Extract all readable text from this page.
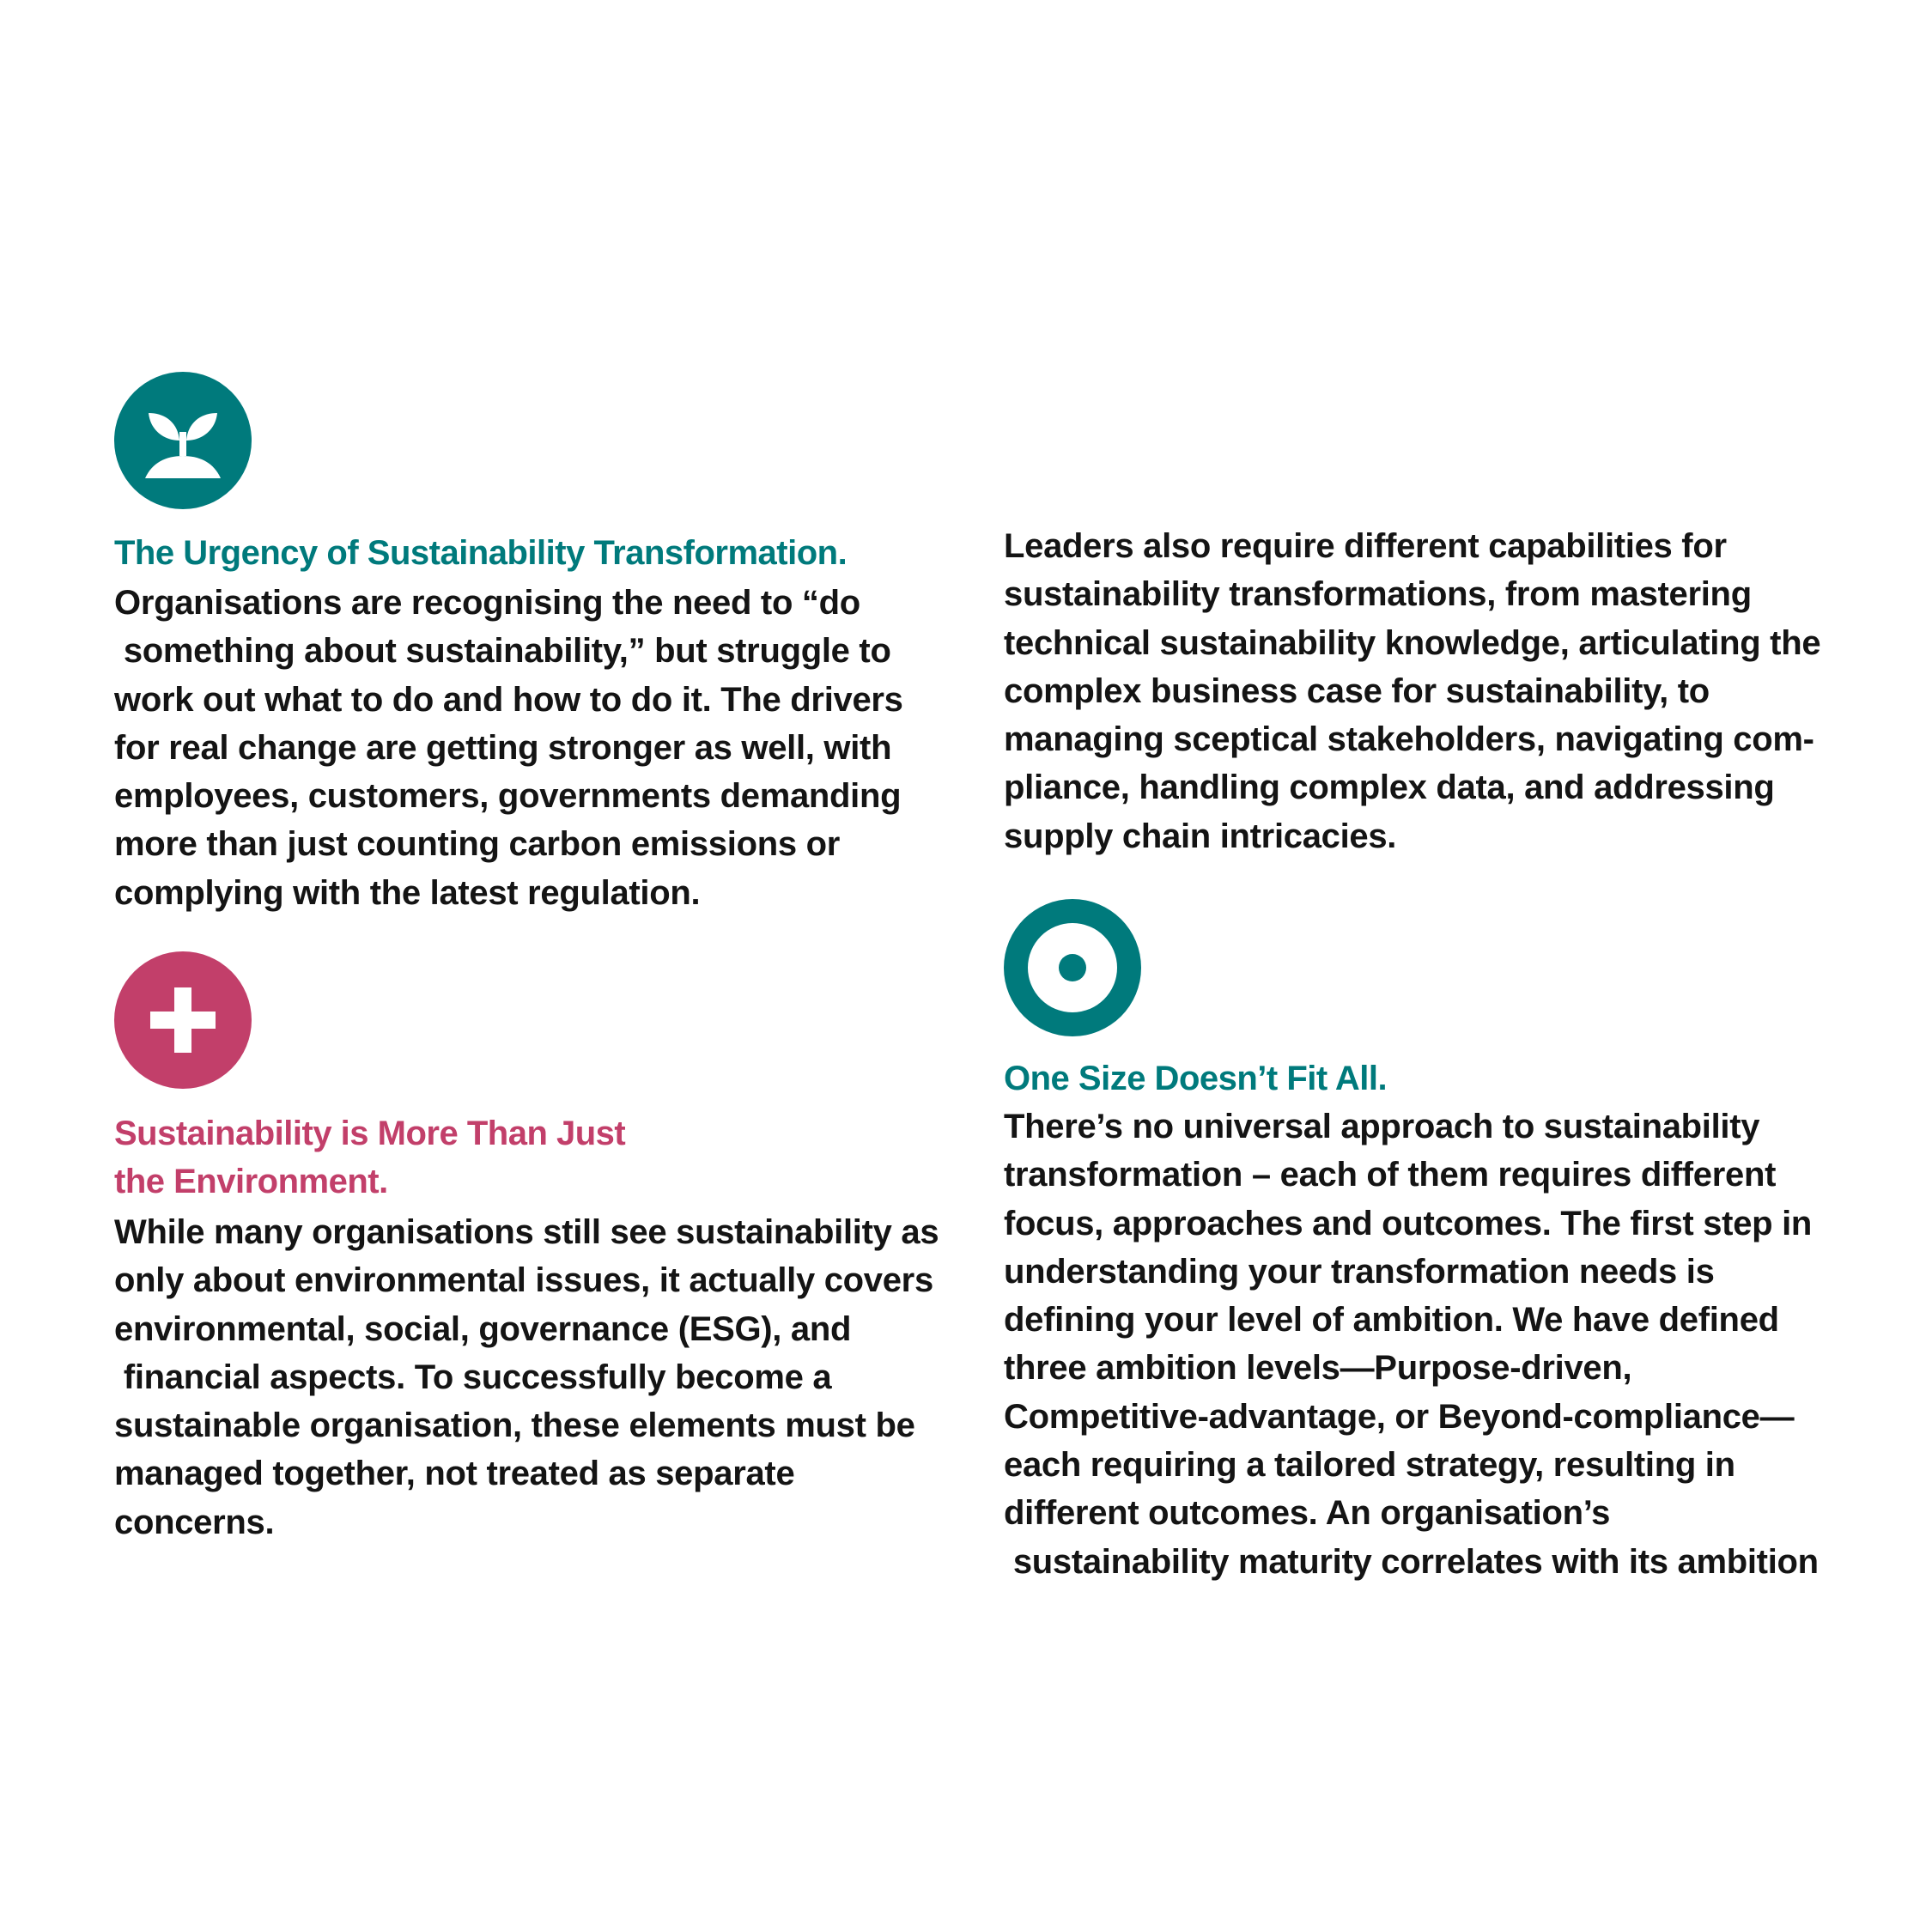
The Urgency of Sustainability Transformation.
Organisations are recognising the need to “do
something about sustainability,” but struggle to
work out what to do and how to do it. The drivers
for real change are getting stronger as well, with
employees, customers, governments demanding
more than just counting carbon emissions or
complying with the latest regulation.
Sustainability is More Than Just
the Environment.
While many organisations still see sustainability as
only about environmental issues, it actually covers
environmental, social, governance (ESG), and
financial aspects. To successfully become a
sustainable organisation, these elements must be
managed together, not treated as separate
concerns.
Leaders also require different capabilities for
sustainability transformations, from mastering
technical sustainability knowledge, articulating the
complex business case for sustainability, to
managing sceptical stakeholders, navigating com-
pliance, handling complex data, and addressing
supply chain intricacies.
One Size Doesn’t Fit All.
There’s no universal approach to sustainability
transformation – each of them requires different
focus, approaches and outcomes. The first step in
understanding your transformation needs is
defining your level of ambition. We have defined
three ambition levels—Purpose-driven,
Competitive-advantage, or Beyond-compliance—
each requiring a tailored strategy, resulting in
different outcomes. An organisation’s
sustainability maturity correlates with its ambition
